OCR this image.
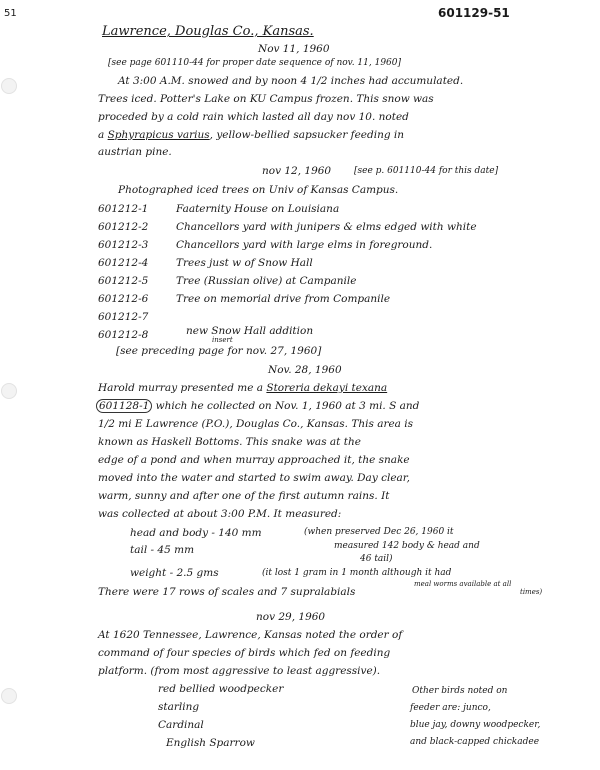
51	601129-51
Lawrence, Douglas Co., Kansas.
Nov 11, 1960
[see page 601110-44 for proper date sequence of nov. 11, 1960]
At 3:00 A.M. snowed and by noon 4 1/2 inches had accumulated.
Trees iced. Potter's Lake on KU Campus frozen. This snow was
proceded by a cold rain which lasted all day nov 10. noted
a Sphyrapicus varius, yellow-bellied sapsucker feeding in
austrian pine.
nov 12, 1960	[see p. 601110-44 for this date]
Photographed iced trees on Univ of Kansas Campus.
601212-1	Faaternity House on Louisiana
601212-2	Chancellors yard with junipers & elms edged with white
601212-3	Chancellors yard with large elms in foreground.
601212-4	Trees just w of Snow Hall
601212-5	Tree (Russian olive) at Campanile
601212-6	Tree on memorial drive from Companile
601212-7
601212-8	new Snow Hall addition
insert
[see preceding page for nov. 27, 1960]
Nov. 28, 1960
Harold murray presented me a Storeria dekayi texana
601128-1 which he collected on Nov. 1, 1960 at 3 mi. S and
1/2 mi E Lawrence (P.O.), Douglas Co., Kansas. This area is
known as Haskell Bottoms. This snake was at the
edge of a pond and when murray approached it, the snake
moved into the water and started to swim away. Day clear,
warm, sunny and after one of the first autumn rains. It
was collected at about 3:00 P.M. It measured:
head and body - 140 mm	(when preserved Dec 26, 1960 it
tail - 45 mm	measured 142 body & head and
46 tail)
weight - 2.5 gms	(it lost 1 gram in 1 month although it had
meal worms available at all
times)
There were 17 rows of scales and 7 supralabials
nov 29, 1960
At 1620 Tennessee, Lawrence, Kansas noted the order of
command of four species of birds which fed on feeding
platform. (from most aggressive to least aggressive).
red bellied woodpecker
starling
Cardinal
English Sparrow
Other birds noted on
feeder are: junco,
blue jay, downy woodpecker,
and black-capped chickadee
